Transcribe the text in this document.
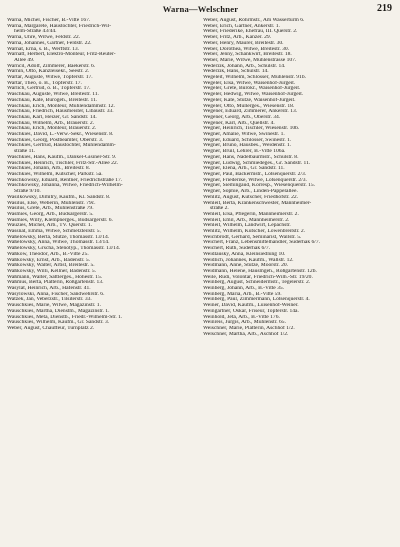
Warna—Welschner	219
Warna, Michel, Fischer, B.-Vitte 167.
Warna, Margarete, Haustochter, Friedrich-Wil-
helm-Straße 43/44.
Warna, Uhre, Witwe, Feldstr. 22.
Warna, Johannes, Gärtner, Feldstr. 22.
Warnat, Erna, s. B., Werftstr. 13.
Warnatt, Herbert, Elektro-Monteur, Fritz-Reuter-
Allee 49.
Warncil, Adolf, Zimmerer, Baekerstr. 6.
Warnin, Otto, Kanzleisekr., Seestr. 2.
Wartar, Auguste, Witwe, Töpferstr. 17.
Wartar, Theo, o. B., Töpferstr. 17.
Warlich, Gertrud, o. B., Töpferstr. 17.
Waschkau, Auguste, Witwe, Breitestr. 11.
Waschkau, Käte, Bürogeh., Breitestr. 11.
Waschkau, Erich, Monteur, Mühlendammstr. 12.
Waschkau, Friedrich, Hausmeister, Libaustr. 33.
Waschkau, Karl, Heizer, Gr. Sandstr. 14.
Waschkau, Wilhelm, Arb., Brauerstr. 2.
Waschkau, Erich, Monteur, Brauerstr. 2.
Waschkies, David, L.-Verw.-Sekr., Wiesenstr. 8.
Waschkies, Georg, Postbeamter, Oberstr. 3.
Waschkies, Gertrud, Haustochter, Mühlendamm-
straße 11.
Waschkies, Hans, Kaufm., Dankel-Gisiner-Str. 9.
Waschkies, Heinrich, Tischler, Fritz-Str.-Allee 22.
Waschkies, Johann, Arb., Breitestr. 8.
Waschkies, Wilhelm, Kutscher, Parkstr. 5a.
Waschkowsky, Eduard, Rentner, Friedrichstraße 17.
Waschkowsky, Johanna, Witwe, Friedrich-Wilhelm-
Straße 9/10.
Wasilkowsky, Dimitry, Kaufm., Kl. Sandstr. 8.
Wasilus, Else, Weberin, Mühlenstr. 79c.
Wasilus, Grete, Arb., Mühlenstraße 79.
Wasmies, Georg, Arb., Budsargerstr. 5.
Wasmies, Willy, Klempnerges., Budsargerstr. 6.
Wauzies, Michel, Arb., TV. Querstr. 1.
Wassnat, Emma, Witwe, Schmelzteilstr. 5.
Waßelowsky, Berta, Stütze, Thomasstr. 13/14.
Waßelowsky, Anna, Witwe, Thomasstr. 13/14.
Waßelowsky, Grscha, Stenotyp., Thomasstr. 13/14.
Waßkow, Theodor, Arb., B.-Vitte 25.
Waßkowsky, Ernst, Arb., Badenstr. 5.
Waßkowsky, Walter, Artist, Breitestr. 5.
Waßkowsky, Willi, Kellner, Badenstr. 5.
Waßmann, Walter, Sattlerges., Hohestr. 15.
Waßmus, Berta, Plätterin, Roßgartenstr. 13.
Wasylat, Heinrich, Arb., Hafenstr. 41.
Wasylowski, Anna, Fischer, Sandwehrstr. 6.
Watzek, Jan, Veberzstr., Tilsiterstr. 33.
Wauschkies, Marie, Witwe, Magazinstr. 1.
Wauschkies, Martha, Dienstm., Magazinstr. 1.
Wauschkies, Meta, Dienstb., Friedr.-Wilhelm-Str. 1.
Wauschkies, Wilhelm, Kaufm., Gr. Sandstr. 3.
Weber, August, Chauffeur, Turnplatz 2.
Weber, August, Rohrmstr., Am Wasserturm 6.
Weber, Erich, Gärtner, Ankerstr. 1.
Weber, Friederike, Ehefrau, III. Querstr. 2.
Weber, Fritz, Arb., Kanzer. 29.
Weber, Henry, Maurer, Breitestr. 30.
Weber, Dorothea, Witwe, Breitestr. 30.
Weber, Jenny, Schankwirt, Breitestr. 18.
Weber, Marie, Witwe, Mühlenstrasse 107.
Wederzik, Johann, Arb., Schulstr. 14.
Wederzik, Hans, Schulstr. 14.
Wegeleit, Wilhelm, Schlosser, Mühlenstr. 91b.
Wegeler, Elsa, Witwe, Waisenhof-Jurgeit.
Wegeler, Grete, Bürokr., Waisenhof-Jurgeit.
Wegeler, Hedwig, Witwe, Waisenhof-Jurgeit.
Wegeler, Käte, Stütze, Waisenhof-Jurgeit.
Wegeler, Otto, Müllerges., Wiesenstr. 18.
Wegener, Eduard, Zimmerer, Ankerstr. 13.
Wegener, Georg, Arb., Oberstr. 34.
Wegener, Karl, Arb., Quellstr. 4.
Wegner, Heinrich, Tischler, Wiesenstr. 10b.
Wegner, Amalie, Witwe, Swinestr. 1.
Wegner, Eduard, Schlosser, Swinestr. 1.
Wegner, Bruno, Hausbes., Weidenstr. 1.
Wegner, Bruil, Lehrer, B.-Vitte 106a.
Wegner, Hans, Nadelbaurmstr., Schulstr. 8.
Wegner, Ludwig, Schmiedeges., Gr. Sandstr. 11.
Wegner, Elena, Arb., Gr. Sandstr. 11.
Wegner, Paul, Bäckermstr., Lotsenquerstr. 2/3.
Wegner, Friederike, Witwe, Lotsenquerstr. 2/3.
Wegner, Siemingaud, Korresp., Wiesenquerstr. 15.
Wegner, Sophie, Arb., Linden-Pappelallee.
Wehlitz, August, Kutscher, Friedhofstr. 22.
Wehleit, Berta, Krankenschwester, Mannheimer-
straße 2.
Wehleit, Elsa, Pflegerin, Mannheimerstr. 2.
Wehleit, Emil, Arb., Mannheimerstr. 2.
Wehleit, Wilhelm, Landwirt, Lepachstr.
Wehlitz, Wilhelm, Kutscher, Löwenbreitstr. 2.
Weichbrodt, Gerhard, Seminarist, Wallstr. 5.
Weichert, Franz, Lebensmittelhändler, Süderhak 6/7.
Weichert, Ruth, Süderhak 6/7.
Weidlausky, Anna, Kleinsiedlung 10.
Weidlich, Johannes, Kaufm., Wallstr. 12.
Weidmann, Anne, Stütze, Moorstr. 20.
Weidmann, Helene, Hausmgeh., Roßgartenstr. 12b.
Weile, Rudi, Volontar, Friedrich-Wilh.-Str. 19/20.
Weinberg, August, Schneidermstr., Tegelerstr. 2.
Weinberg, Johann, Arb., B.-Vitte 35.
Weinberg, Maria, Arb., B.-Vitte 59.
Weinberg, Paul, Zimmermann, Lotsenquerstr. 4.
Weiner, David, Kaufm., Luisenhof-Weiner.
Weingärtner, Oskar, Friseur, Topferstr. 14a.
Weinhold, Jeta, Arb., B.-Vitte 176.
Weinreis, Jurgis, Arb., Mühlenstr. 65.
Weischner, Marie, Plätterin, Aschhof 1/2.
Welschner, Martha, Arb., Aschhof 1/2.
